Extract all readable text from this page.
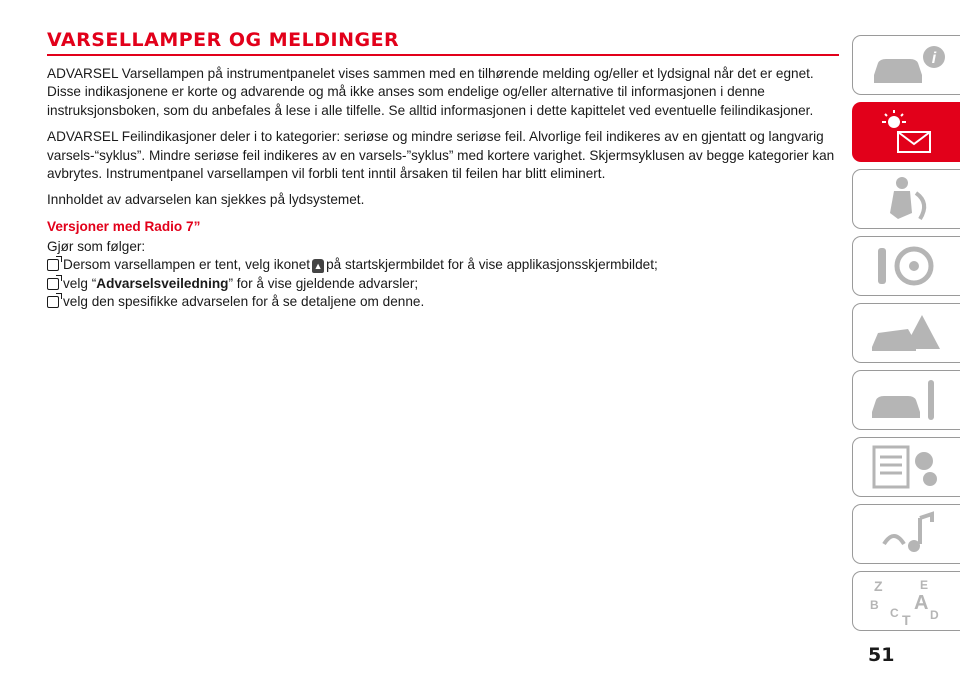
VARSELLAMPER OG MELDINGER

ADVARSEL Varsellampen på instrumentpanelet vises sammen med en tilhørende melding og/eller et lydsignal når det er egnet. Disse indikasjonene er korte og advarende og må ikke anses som endelige og/eller alternative til informasjonen i denne instruksjonsboken, som du anbefales å lese i alle tilfelle. Se alltid informasjonen i dette kapittelet ved eventuelle feilindikasjoner.

ADVARSEL Feilindikasjoner deler i to kategorier: seriøse og mindre seriøse feil. Alvorlige feil indikeres av en gjentatt og langvarig varsels-“syklus”. Mindre seriøse feil indikeres av en varsels-”syklus” med kortere varighet. Skjermsyklusen av begge kategorier kan avbrytes. Instrumentpanel varsellampen vil forbli tent inntil årsaken til feilen har blitt eliminert.

Innholdet av advarselen kan sjekkes på lydsystemet.

Versjoner med Radio 7”
Gjør som følger:
Dersom varsellampen er tent, velg ikonet ▲ på startskjermbildet for å vise applikasjonsskjermbildet;
velg “ Advarselsveiledning ” for å vise gjeldende advarsler;
velg den spesifikke advarselen for å se detaljene om denne.
i
Z	E
B A
C	D
T
51
